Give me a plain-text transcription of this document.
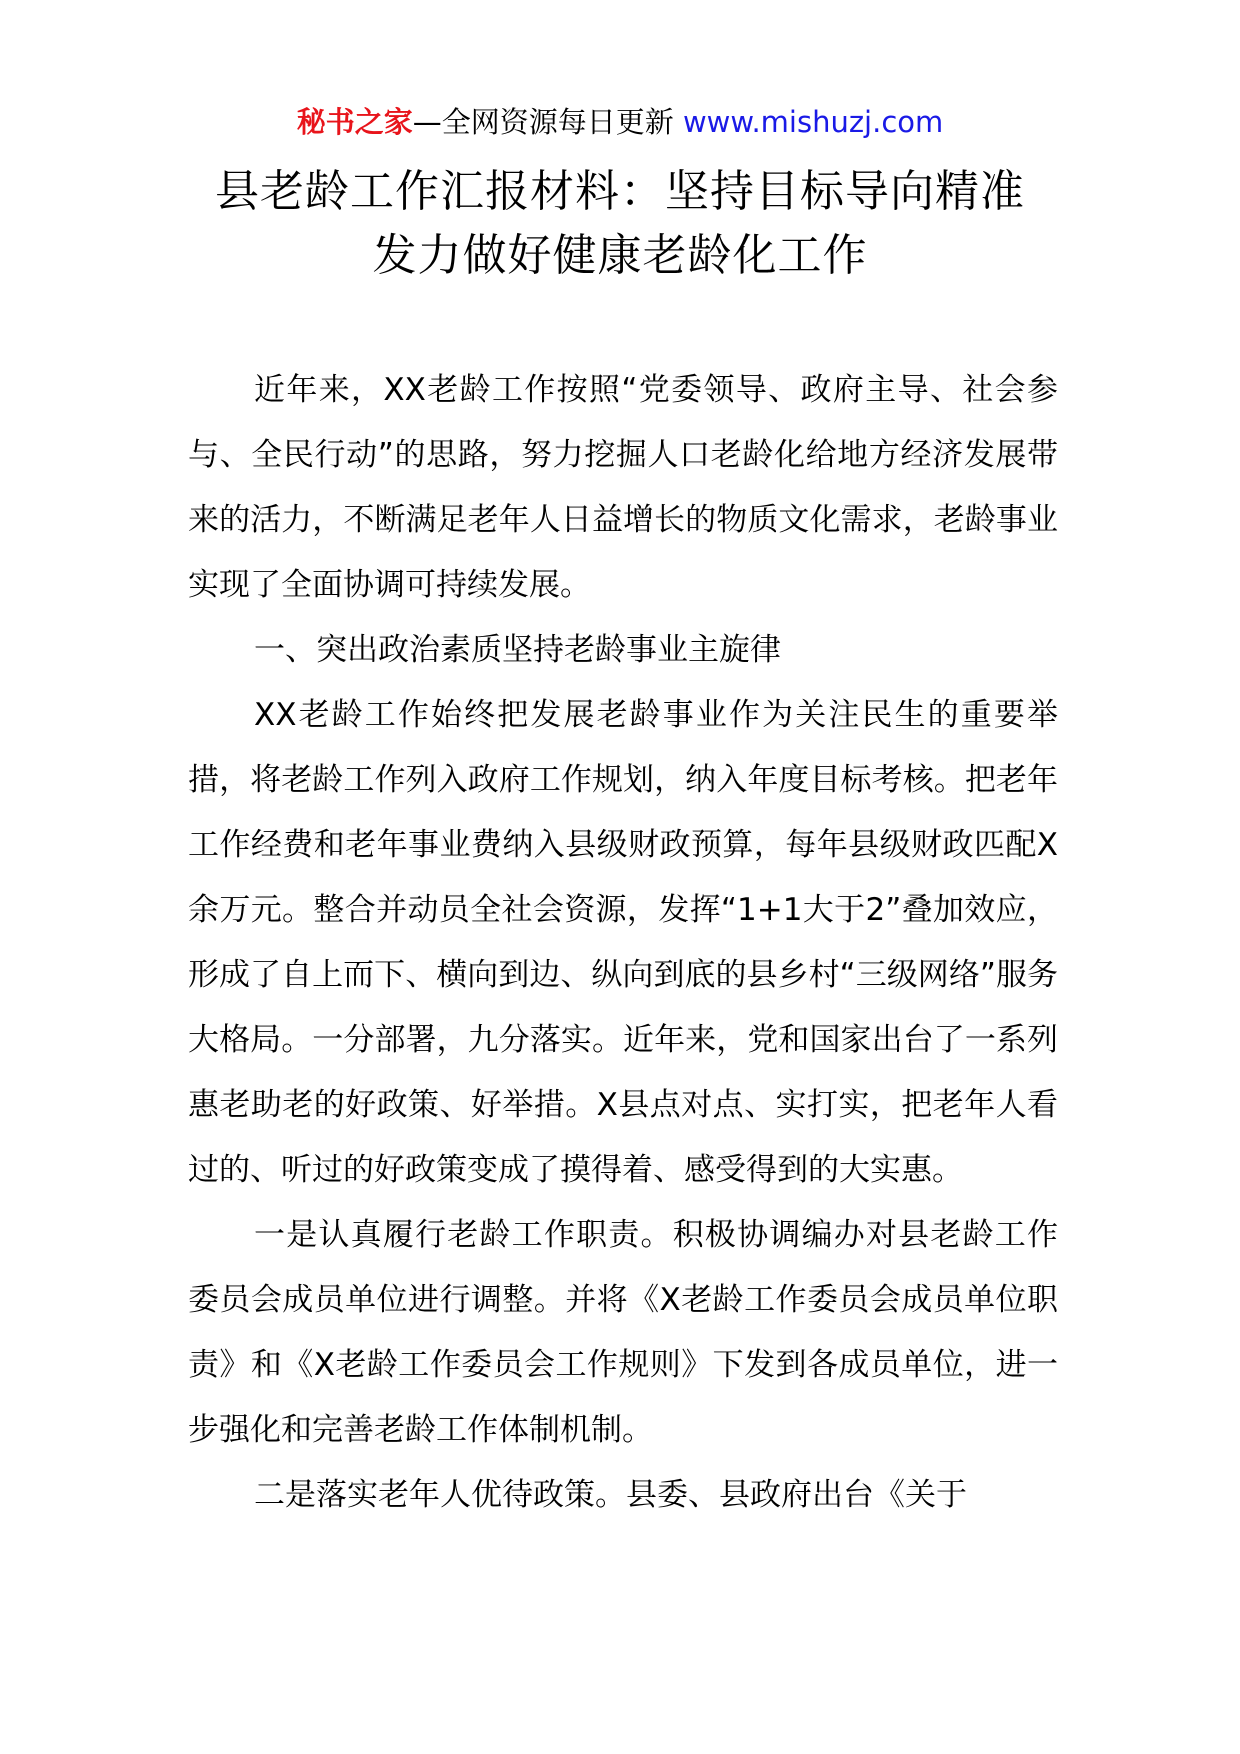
秘书之家—全网资源每日更新 www.mishuzj.com
县老龄工作汇报材料：坚持目标导向精准
发力做好健康老龄化工作

近年来，XX老龄工作按照“党委领导、政府主导、社会参与、全民行动”的思路，努力挖掘人口老龄化给地方经济发展带来的活力，不断满足老年人日益增长的物质文化需求，老龄事业实现了全面协调可持续发展。

一、突出政治素质坚持老龄事业主旋律

XX老龄工作始终把发展老龄事业作为关注民生的重要举措，将老龄工作列入政府工作规划，纳入年度目标考核。把老年工作经费和老年事业费纳入县级财政预算，每年县级财政匹配X余万元。整合并动员全社会资源，发挥“1+1大于2”叠加效应，形成了自上而下、横向到边、纵向到底的县乡村“三级网络”服务大格局。一分部署，九分落实。近年来，党和国家出台了一系列惠老助老的好政策、好举措。X县点对点、实打实，把老年人看过的、听过的好政策变成了摸得着、感受得到的大实惠。

一是认真履行老龄工作职责。积极协调编办对县老龄工作委员会成员单位进行调整。并将《X老龄工作委员会成员单位职责》和《X老龄工作委员会工作规则》下发到各成员单位，进一步强化和完善老龄工作体制机制。

二是落实老年人优待政策。县委、县政府出台《关于
